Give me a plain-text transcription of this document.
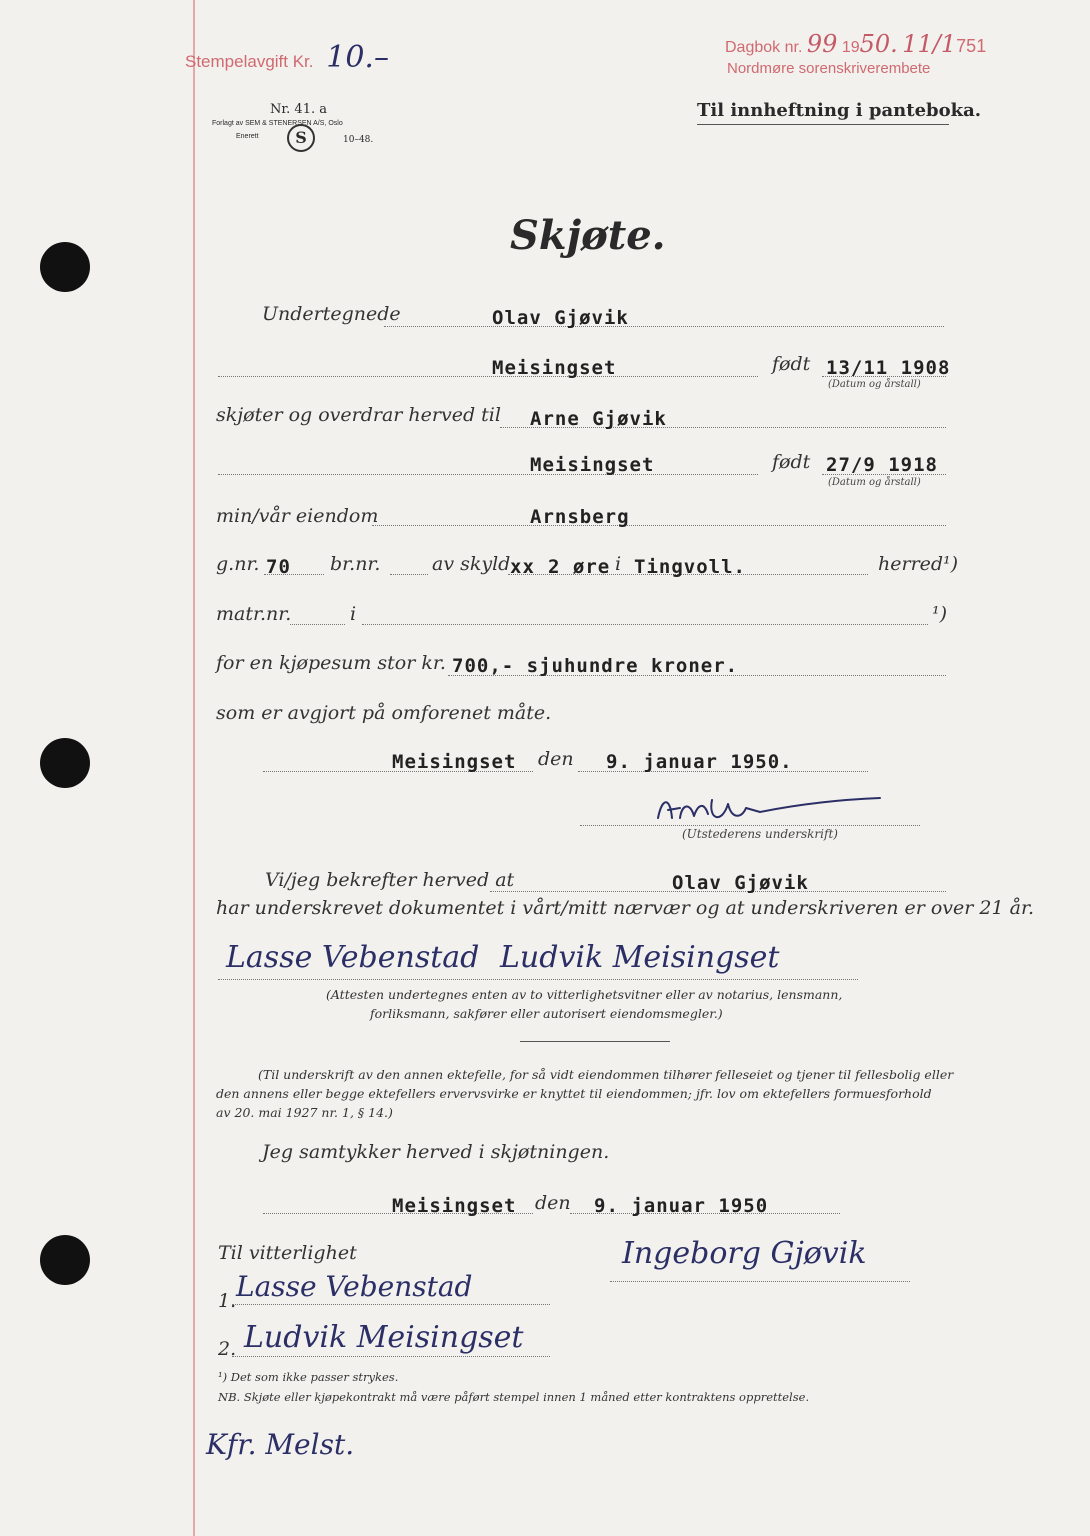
Stempelavgift Kr. 10.–	Dagbok nr. 99 1950. 11/1751
Nordmøre sorenskriverembete
Nr. 41. a
Forlagt av SEM & STENERSEN A/S, Oslo
Enerett	S	10–48.
Til innheftning i panteboka.
Skjøte.
Undertegnede	Olav Gjøvik
Meisingset	født 13/11 1908
(Datum og årstall)
skjøter og overdrar herved til Arne Gjøvik
Meisingset	født 27/9 1918
(Datum og årstall)
min/vår eiendom	Arnsberg
g.nr. 70 br.nr.	av skyld xx 2 øre i Tingvoll.	herred¹)
matr.nr.	i	¹)
for en kjøpesum stor kr. 700,- sjuhundre kroner.
som er avgjort på omforenet måte.
Meisingset den 9. januar 1950.
(Utstederens underskrift)
Vi/jeg bekrefter herved at	Olav Gjøvik
har underskrevet dokumentet i vårt/mitt nærvær og at underskriveren er over 21 år.
Lasse Vebenstad Ludvik Meisingset
(Attesten undertegnes enten av to vitterlighetsvitner eller av notarius, lensmann,
forliksmann, sakfører eller autorisert eiendomsmegler.)
(Til underskrift av den annen ektefelle, for så vidt eiendommen tilhører felleseiet og tjener til fellesbolig eller
den annens eller begge ektefellers ervervsvirke er knyttet til eiendommen; jfr. lov om ektefellers formuesforhold
av 20. mai 1927 nr. 1, § 14.)
Jeg samtykker herved i skjøtningen.
Meisingset den 9. januar 1950
Til vitterlighet	Ingeborg Gjøvik
1. Lasse Vebenstad
2. Ludvik Meisingset
¹) Det som ikke passer strykes.
NB. Skjøte eller kjøpekontrakt må være påført stempel innen 1 måned etter kontraktens opprettelse.
Kfr. Melst.
